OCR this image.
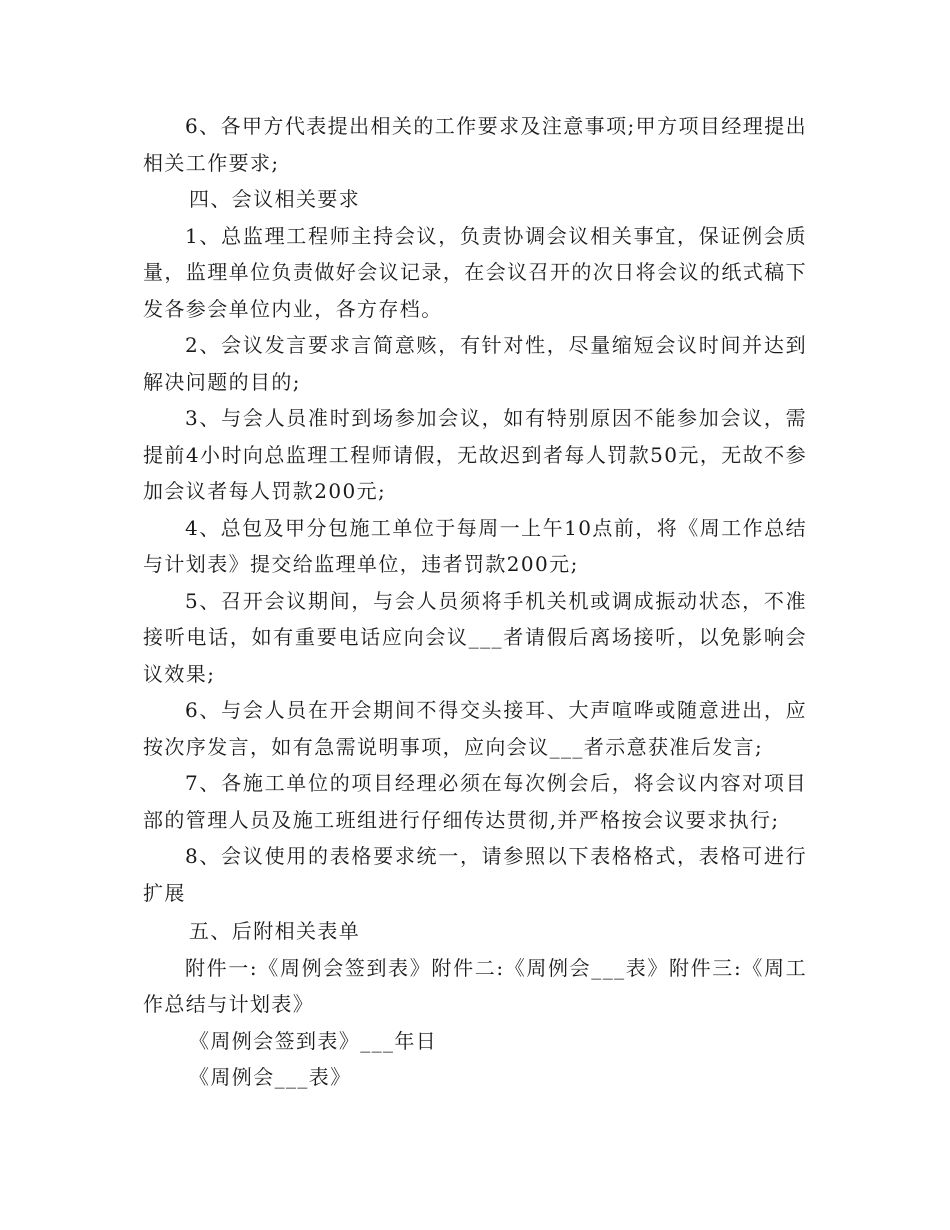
6、各甲方代表提出相关的工作要求及注意事项;甲方项目经理提出相关工作要求;

四、会议相关要求

1、总监理工程师主持会议，负责协调会议相关事宜，保证例会质量，监理单位负责做好会议记录，在会议召开的次日将会议的纸式稿下发各参会单位内业，各方存档。

2、会议发言要求言简意赅，有针对性，尽量缩短会议时间并达到解决问题的目的;

3、与会人员准时到场参加会议，如有特别原因不能参加会议，需提前4小时向总监理工程师请假，无故迟到者每人罚款50元，无故不参加会议者每人罚款200元;

4、总包及甲分包施工单位于每周一上午10点前，将《周工作总结与计划表》提交给监理单位，违者罚款200元;

5、召开会议期间，与会人员须将手机关机或调成振动状态，不准接听电话，如有重要电话应向会议___者请假后离场接听，以免影响会议效果;

6、与会人员在开会期间不得交头接耳、大声喧哗或随意进出，应按次序发言，如有急需说明事项，应向会议___者示意获准后发言;

7、各施工单位的项目经理必须在每次例会后，将会议内容对项目部的管理人员及施工班组进行仔细传达贯彻,并严格按会议要求执行;

8、会议使用的表格要求统一，请参照以下表格格式，表格可进行扩展

五、后附相关表单

附件一:《周例会签到表》附件二:《周例会___表》附件三:《周工作总结与计划表》

《周例会签到表》___年日

《周例会___表》
